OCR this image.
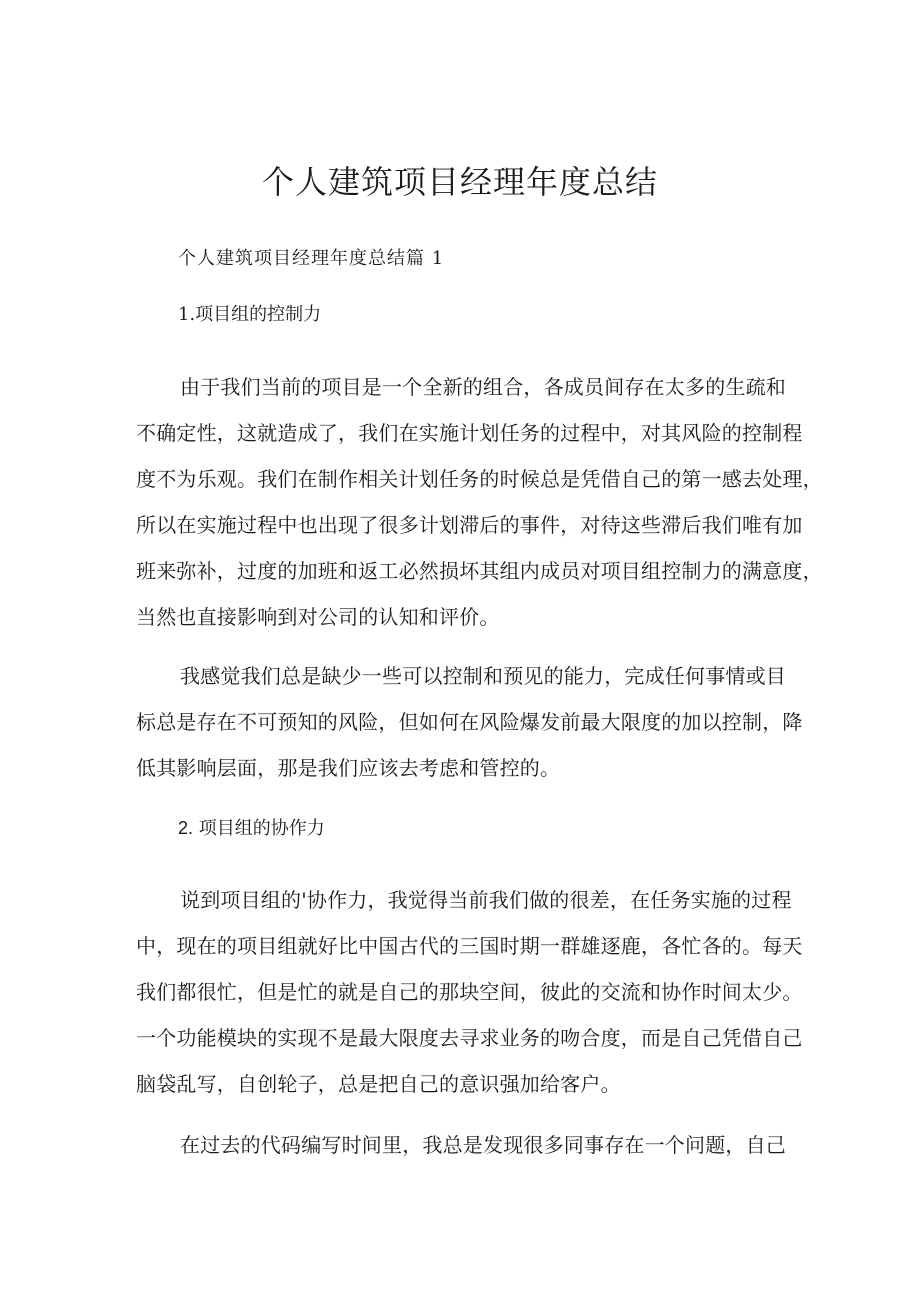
个人建筑项目经理年度总结

个人建筑项目经理年度总结篇 1

1.项目组的控制力

由于我们当前的项目是一个全新的组合，各成员间存在太多的生疏和
不确定性，这就造成了，我们在实施计划任务的过程中，对其风险的控制程
度不为乐观。我们在制作相关计划任务的时候总是凭借自己的第一感去处理，
所以在实施过程中也出现了很多计划滞后的事件，对待这些滞后我们唯有加
班来弥补，过度的加班和返工必然损坏其组内成员对项目组控制力的满意度，
当然也直接影响到对公司的认知和评价。

我感觉我们总是缺少一些可以控制和预见的能力，完成任何事情或目
标总是存在不可预知的风险，但如何在风险爆发前最大限度的加以控制，降
低其影响层面，那是我们应该去考虑和管控的。

2. 项目组的协作力

说到项目组的'协作力，我觉得当前我们做的很差，在任务实施的过程
中，现在的项目组就好比中国古代的三国时期一群雄逐鹿，各忙各的。每天
我们都很忙，但是忙的就是自己的那块空间，彼此的交流和协作时间太少。
一个功能模块的实现不是最大限度去寻求业务的吻合度，而是自己凭借自己
脑袋乱写，自创轮子，总是把自己的意识强加给客户。

在过去的代码编写时间里，我总是发现很多同事存在一个问题，自己
